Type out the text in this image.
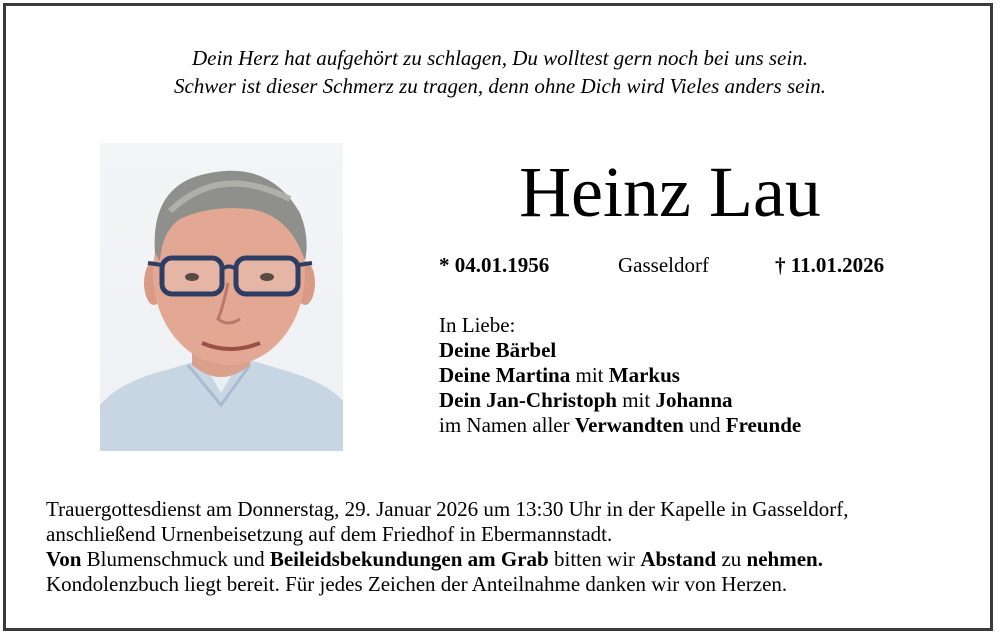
Dein Herz hat aufgehört zu schlagen, Du wolltest gern noch bei uns sein.
Schwer ist dieser Schmerz zu tragen, denn ohne Dich wird Vieles anders sein.
Heinz Lau
* 04.01.1956	Gasseldorf	† 11.01.2026
In Liebe:
Deine Bärbel
Deine Martina mit Markus
Dein Jan-Christoph mit Johanna
im Namen aller Verwandten und Freunde
Trauergottesdienst am Donnerstag, 29. Januar 2026 um 13:30 Uhr in der Kapelle in Gasseldorf,
anschließend Urnenbeisetzung auf dem Friedhof in Ebermannstadt.
Von Blumenschmuck und Beileidsbekundungen am Grab bitten wir Abstand zu nehmen.
Kondolenzbuch liegt bereit. Für jedes Zeichen der Anteilnahme danken wir von Herzen.
